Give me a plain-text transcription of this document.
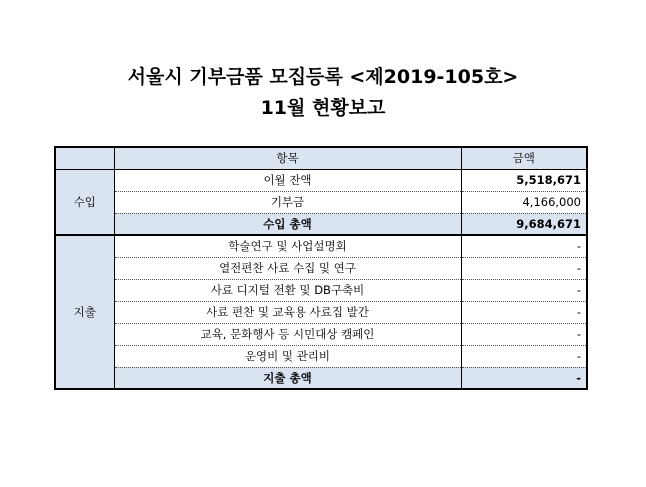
서울시 기부금품 모집등록 <제2019-105호>
11월 현황보고
	항목	금액
수입	이월 잔액	5,518,671
	기부금	4,166,000
	수입 총액	9,684,671
지출	학술연구 및 사업설명회	-
	열전편찬 사료 수집 및 연구	-
	사료 디지털 전환 및 DB구축비	-
	사료 편찬 및 교육용 사료집 발간	-
	교육, 문화행사 등 시민대상 캠페인	-
	운영비 및 관리비	-
	지출 총액	-
